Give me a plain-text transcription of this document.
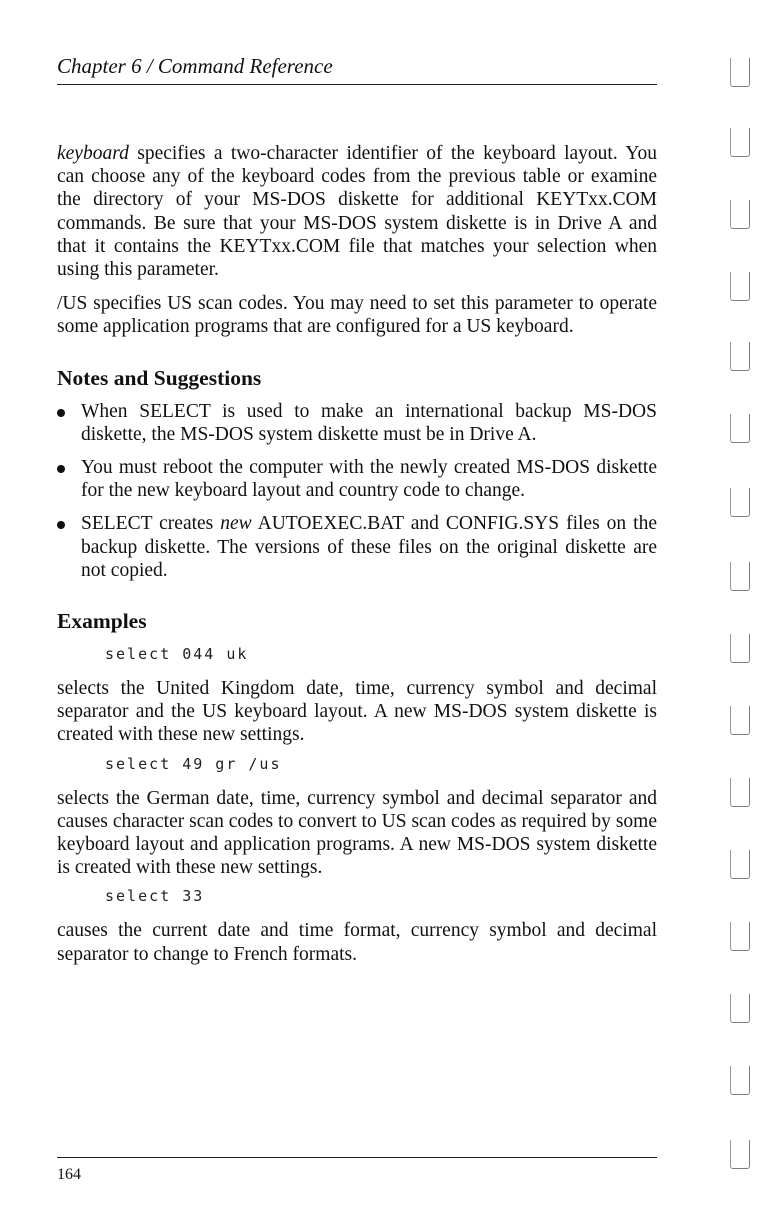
Chapter 6 / Command Reference

keyboard specifies a two-character identifier of the keyboard layout. You can choose any of the keyboard codes from the previous table or examine the directory of your MS-DOS diskette for additional KEYTxx.COM commands. Be sure that your MS-DOS system diskette is in Drive A and that it contains the KEYTxx.COM file that matches your selection when using this parameter.

/US specifies US scan codes. You may need to set this parameter to operate some application programs that are configured for a US keyboard.

Notes and Suggestions

When SELECT is used to make an international backup MS-DOS diskette, the MS-DOS system diskette must be in Drive A.

You must reboot the computer with the newly created MS-DOS diskette for the new keyboard layout and country code to change.

SELECT creates new AUTOEXEC.BAT and CONFIG.SYS files on the backup diskette. The versions of these files on the original diskette are not copied.

Examples
select 044 uk

selects the United Kingdom date, time, currency symbol and decimal separator and the US keyboard layout. A new MS-DOS system diskette is created with these new settings.

select 49 gr /us

selects the German date, time, currency symbol and decimal separator and causes character scan codes to convert to US scan codes as required by some keyboard layout and application programs. A new MS-DOS system diskette is created with these new settings.

select 33

causes the current date and time format, currency symbol and decimal separator to change to French formats.

164
